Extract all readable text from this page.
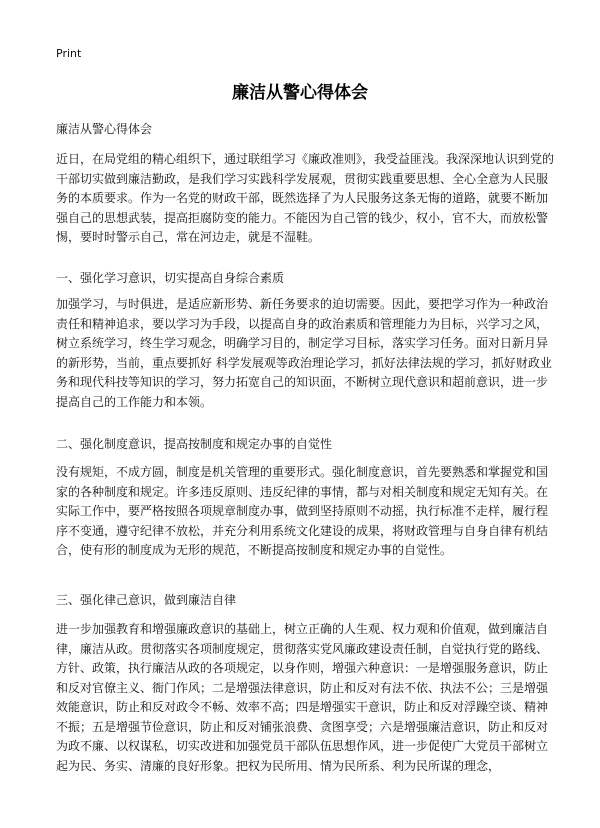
Print
廉洁从警心得体会
廉洁从警心得体会

近日，在局党组的精心组织下，通过联组学习《廉政准则》，我受益匪浅。我深深地认识到党的干部切实做到廉洁勤政，是我们学习实践科学发展观，贯彻实践重要思想、全心全意为人民服务的本质要求。作为一名党的财政干部，既然选择了为人民服务这条无悔的道路，就要不断加强自己的思想武装，提高拒腐防变的能力。不能因为自己管的钱少，权小，官不大，而放松警惕，要时时警示自己，常在河边走，就是不湿鞋。

一、强化学习意识，切实提高自身综合素质

加强学习，与时俱进，是适应新形势、新任务要求的迫切需要。因此，要把学习作为一种政治责任和精神追求，要以学习为手段，以提高自身的政治素质和管理能力为目标，兴学习之风，树立系统学习，终生学习观念，明确学习目的，制定学习目标，落实学习任务。面对日新月异的新形势，当前，重点要抓好 科学发展观等政治理论学习，抓好法律法规的学习，抓好财政业务和现代科技等知识的学习，努力拓宽自己的知识面，不断树立现代意识和超前意识，进一步提高自己的工作能力和本领。

二、强化制度意识，提高按制度和规定办事的自觉性

没有规矩，不成方圆，制度是机关管理的重要形式。强化制度意识，首先要熟悉和掌握党和国家的各种制度和规定。许多违反原则、违反纪律的事情，都与对相关制度和规定无知有关。在实际工作中，要严格按照各项规章制度办事，做到坚持原则不动摇，执行标准不走样，履行程序不变通，遵守纪律不放松，并充分利用系统文化建设的成果，将财政管理与自身自律有机结合，使有形的制度成为无形的规范，不断提高按制度和规定办事的自觉性。

三、强化律己意识，做到廉洁自律

进一步加强教育和增强廉政意识的基础上，树立正确的人生观、权力观和价值观，做到廉洁自律，廉洁从政。贯彻落实各项制度规定，贯彻落实党风廉政建设责任制，自觉执行党的路线、方针、政策，执行廉洁从政的各项规定，以身作则，增强六种意识：一是增强服务意识，防止和反对官僚主义、衙门作风；二是增强法律意识，防止和反对有法不依、执法不公；三是增强效能意识，防止和反对政令不畅、效率不高；四是增强实干意识，防止和反对浮躁空谈、精神不振；五是增强节俭意识，防止和反对铺张浪费、贪图享受；六是增强廉洁意识，防止和反对为政不廉、以权谋私，切实改进和加强党员干部队伍思想作风，进一步促使广大党员干部树立起为民、务实、清廉的良好形象。把权为民所用、情为民所系、利为民所谋的理念，
